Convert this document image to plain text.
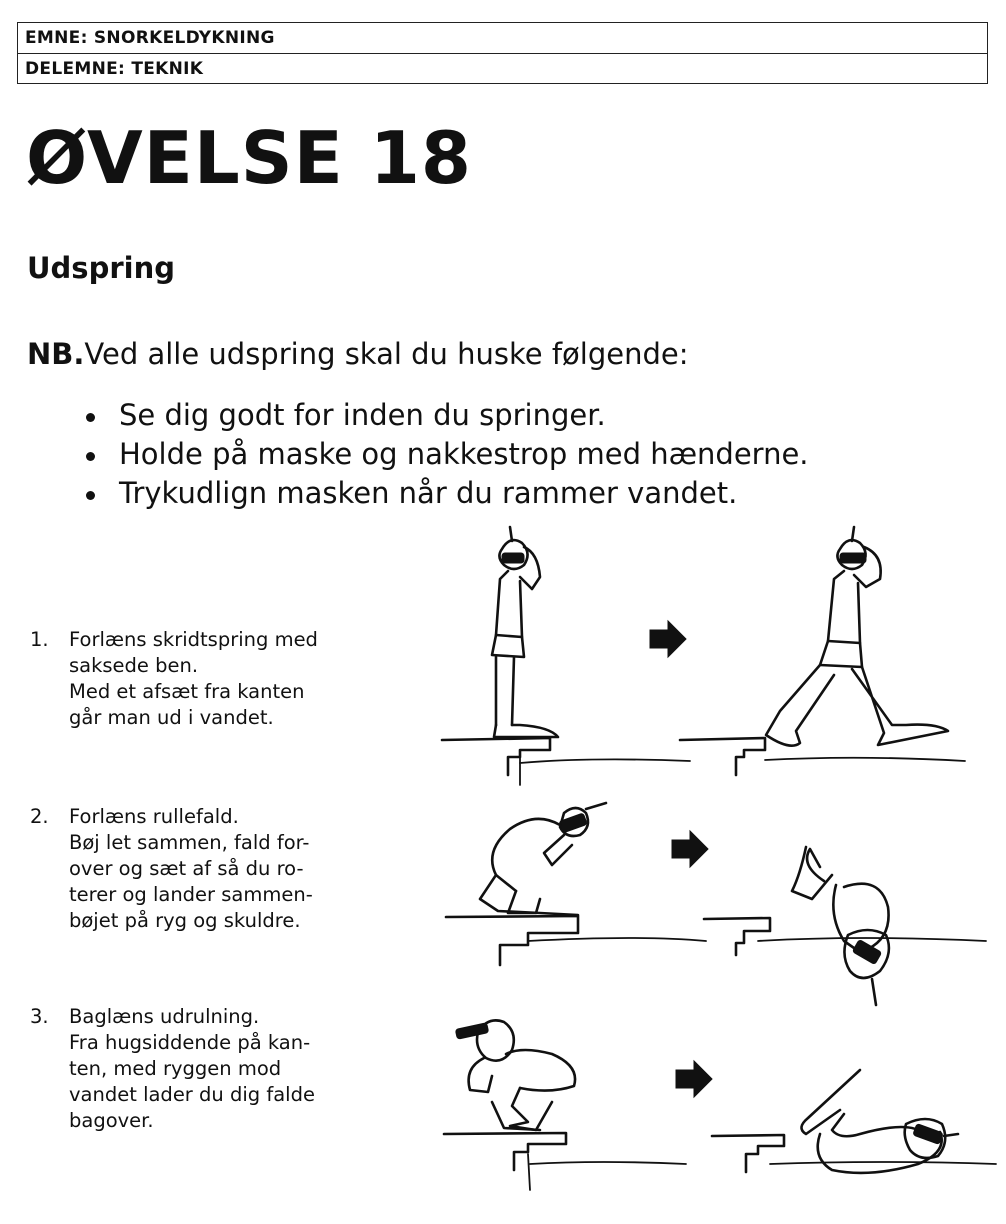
EMNE: SNORKELDYKNING
DELEMNE: TEKNIK
ØVELSE 18
Udspring

NB.Ved alle udspring skal du huske følgende:

Se dig godt for inden du springer.
Holde på maske og nakkestrop med hænderne.
Trykudlign masken når du rammer vandet.
1. Forlæns skridtspring med
saksede ben.
Med et afsæt fra kanten
går man ud i vandet.
2. Forlæns rullefald.
Bøj let sammen, fald for-
over og sæt af så du ro-
terer og lander sammen-
bøjet på ryg og skuldre.
3. Baglæns udrulning.
Fra hugsiddende på kan-
ten, med ryggen mod
vandet lader du dig falde
bagover.
